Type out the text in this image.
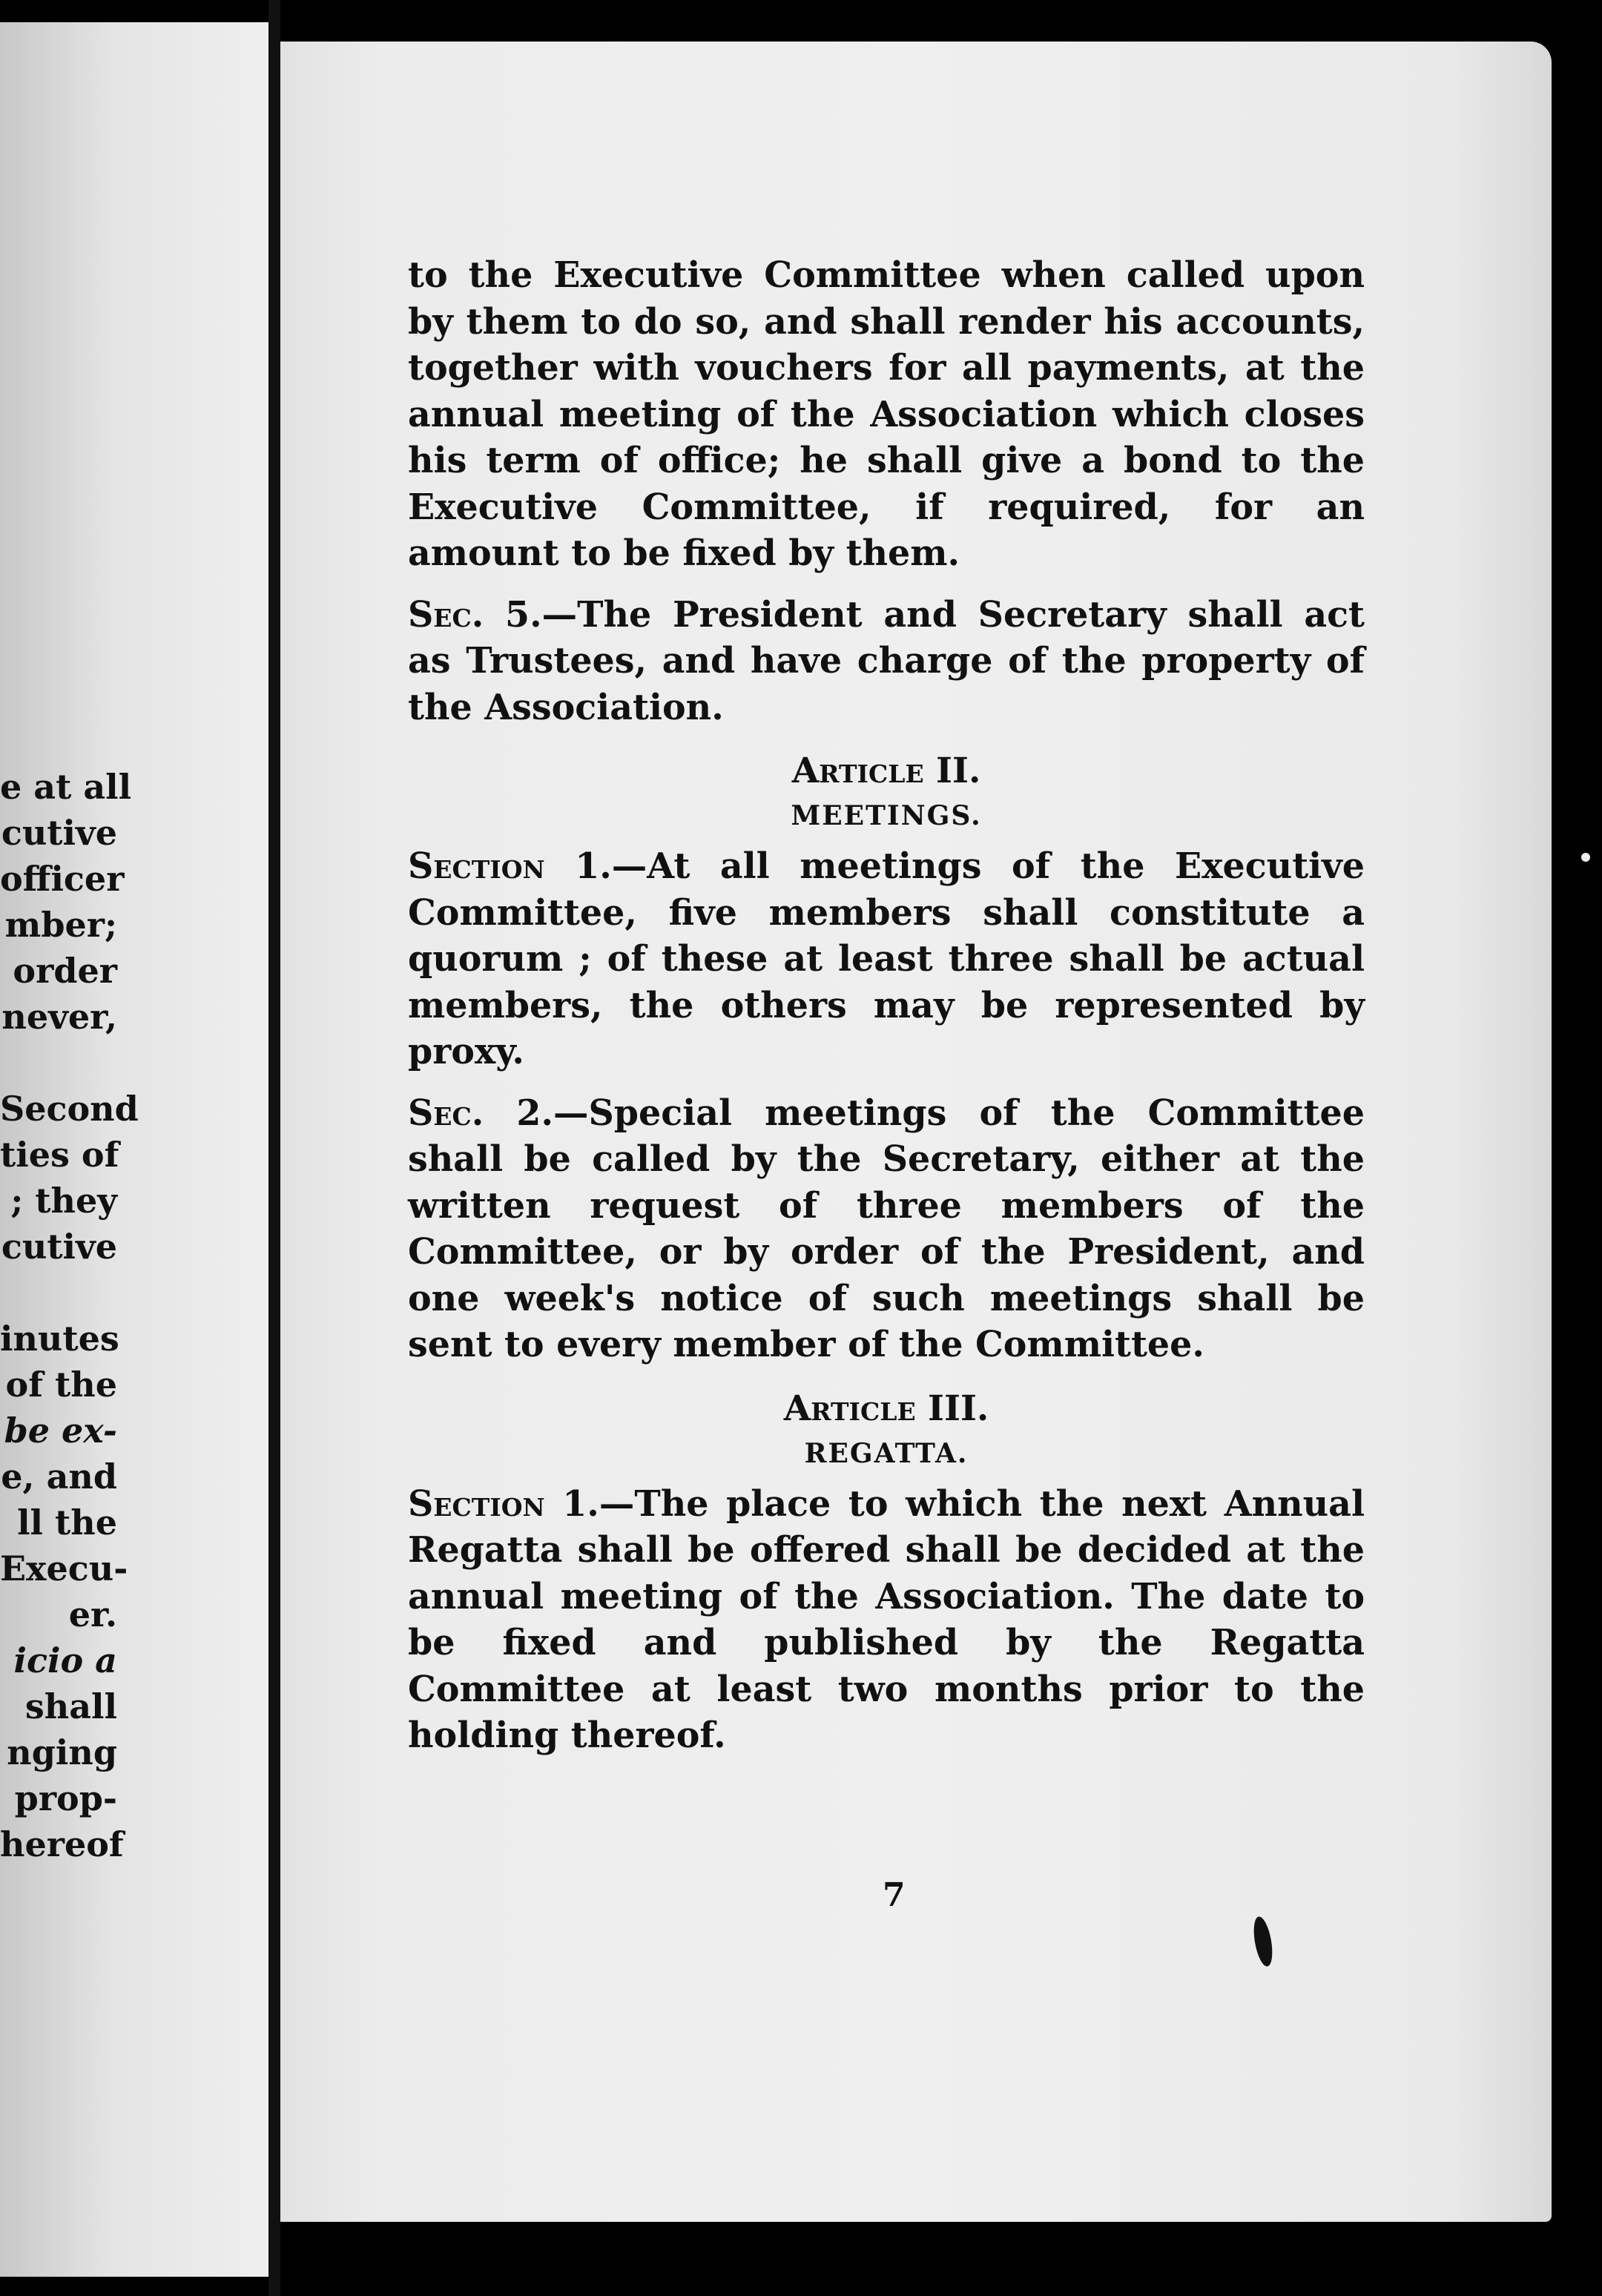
e at all
cutive
officer
mber;
order
never,

Second
ties of
; they
cutive

inutes
of the
be ex-
e, and
ll the
Execu-
er.
icio a
shall
nging
prop-
hereof

to the Executive Committee when called upon by them to do so, and shall render his accounts, together with vouchers for all payments, at the annual meeting of the Association which closes his term of office; he shall give a bond to the Executive Committee, if required, for an amount to be fixed by them.

Sec. 5.—The President and Secretary shall act as Trustees, and have charge of the property of the Association.

Article II.
MEETINGS.

Section 1.—At all meetings of the Executive Committee, five members shall constitute a quorum ; of these at least three shall be actual members, the others may be represented by proxy.

Sec. 2.—Special meetings of the Committee shall be called by the Secretary, either at the written request of three members of the Committee, or by order of the President, and one week's notice of such meetings shall be sent to every member of the Committee.

Article III.
REGATTA.

Section 1.—The place to which the next Annual Regatta shall be offered shall be decided at the annual meeting of the Association. The date to be fixed and published by the Regatta Committee at least two months prior to the holding thereof.

7
